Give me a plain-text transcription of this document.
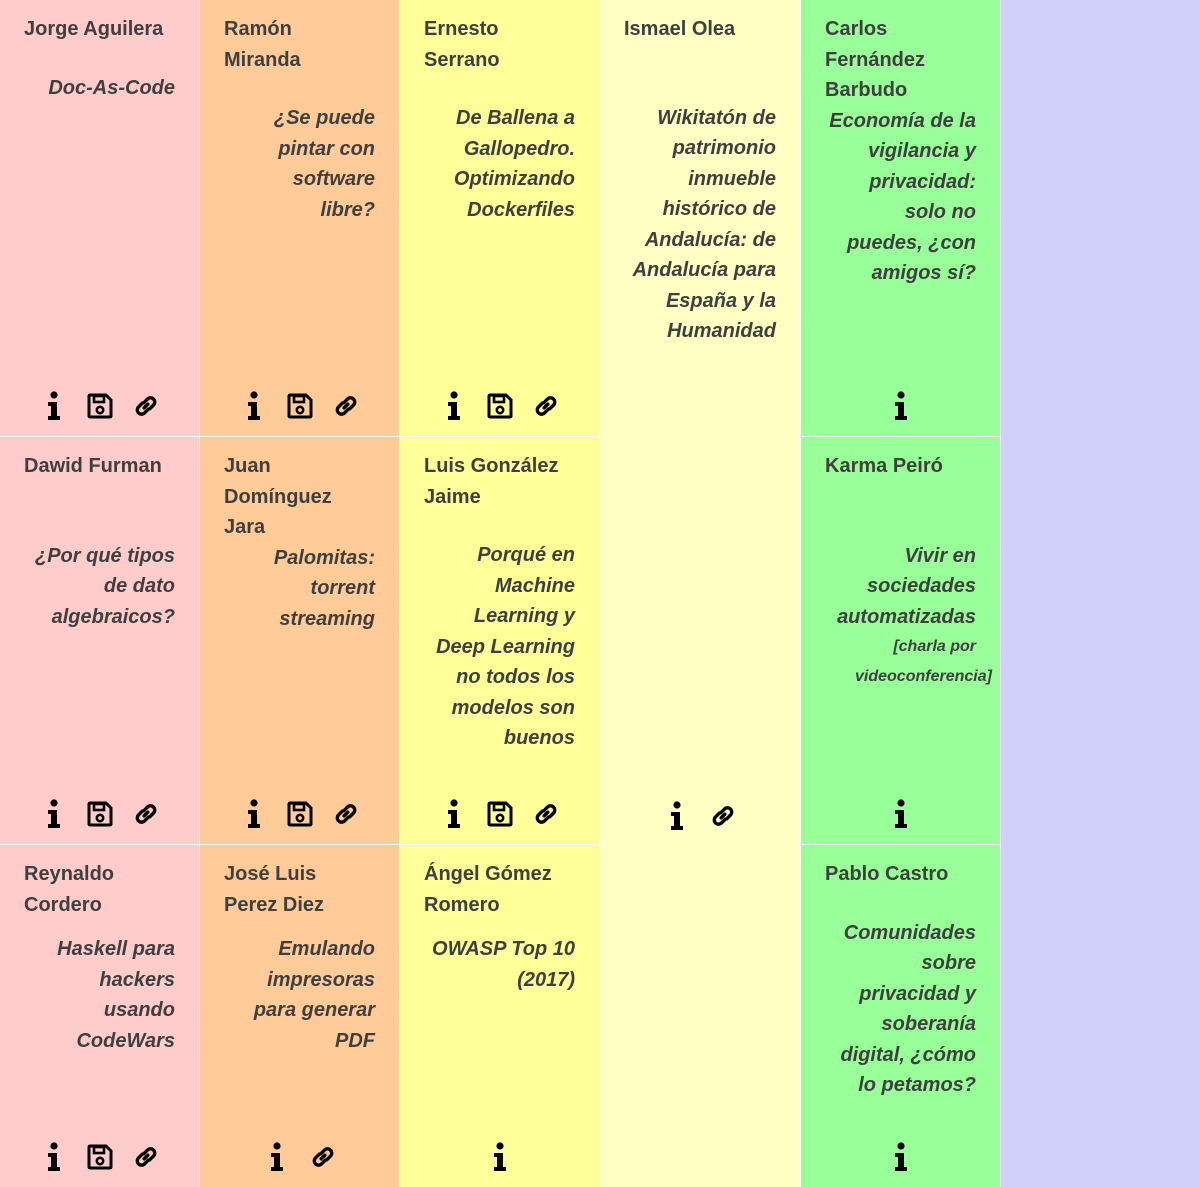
Jorge Aguilera
Doc-As-Code
Ramón Miranda
¿Se puede pintar con software libre?
Ernesto Serrano
De Ballena a Gallopedro. Optimizando Dockerfiles
Ismael Olea
Wikitatón de patrimonio inmueble histórico de Andalucía: de Andalucía para España y la Humanidad
Carlos Fernández Barbudo
Economía de la vigilancia y privacidad: solo no puedes, ¿con amigos sí?
Dawid Furman
¿Por qué tipos de dato algebraicos?
Juan Domínguez Jara
Palomitas: torrent streaming
Luis González Jaime
Porqué en Machine Learning y Deep Learning no todos los modelos son buenos
Karma Peiró
Vivir en sociedades automatizadas
[charla por videoconferencia]
Reynaldo Cordero
Haskell para hackers usando CodeWars
José Luis Perez Diez
Emulando impresoras para generar PDF
Ángel Gómez Romero
OWASP Top 10 (2017)
Pablo Castro
Comunidades sobre privacidad y soberanía digital, ¿cómo lo petamos?
